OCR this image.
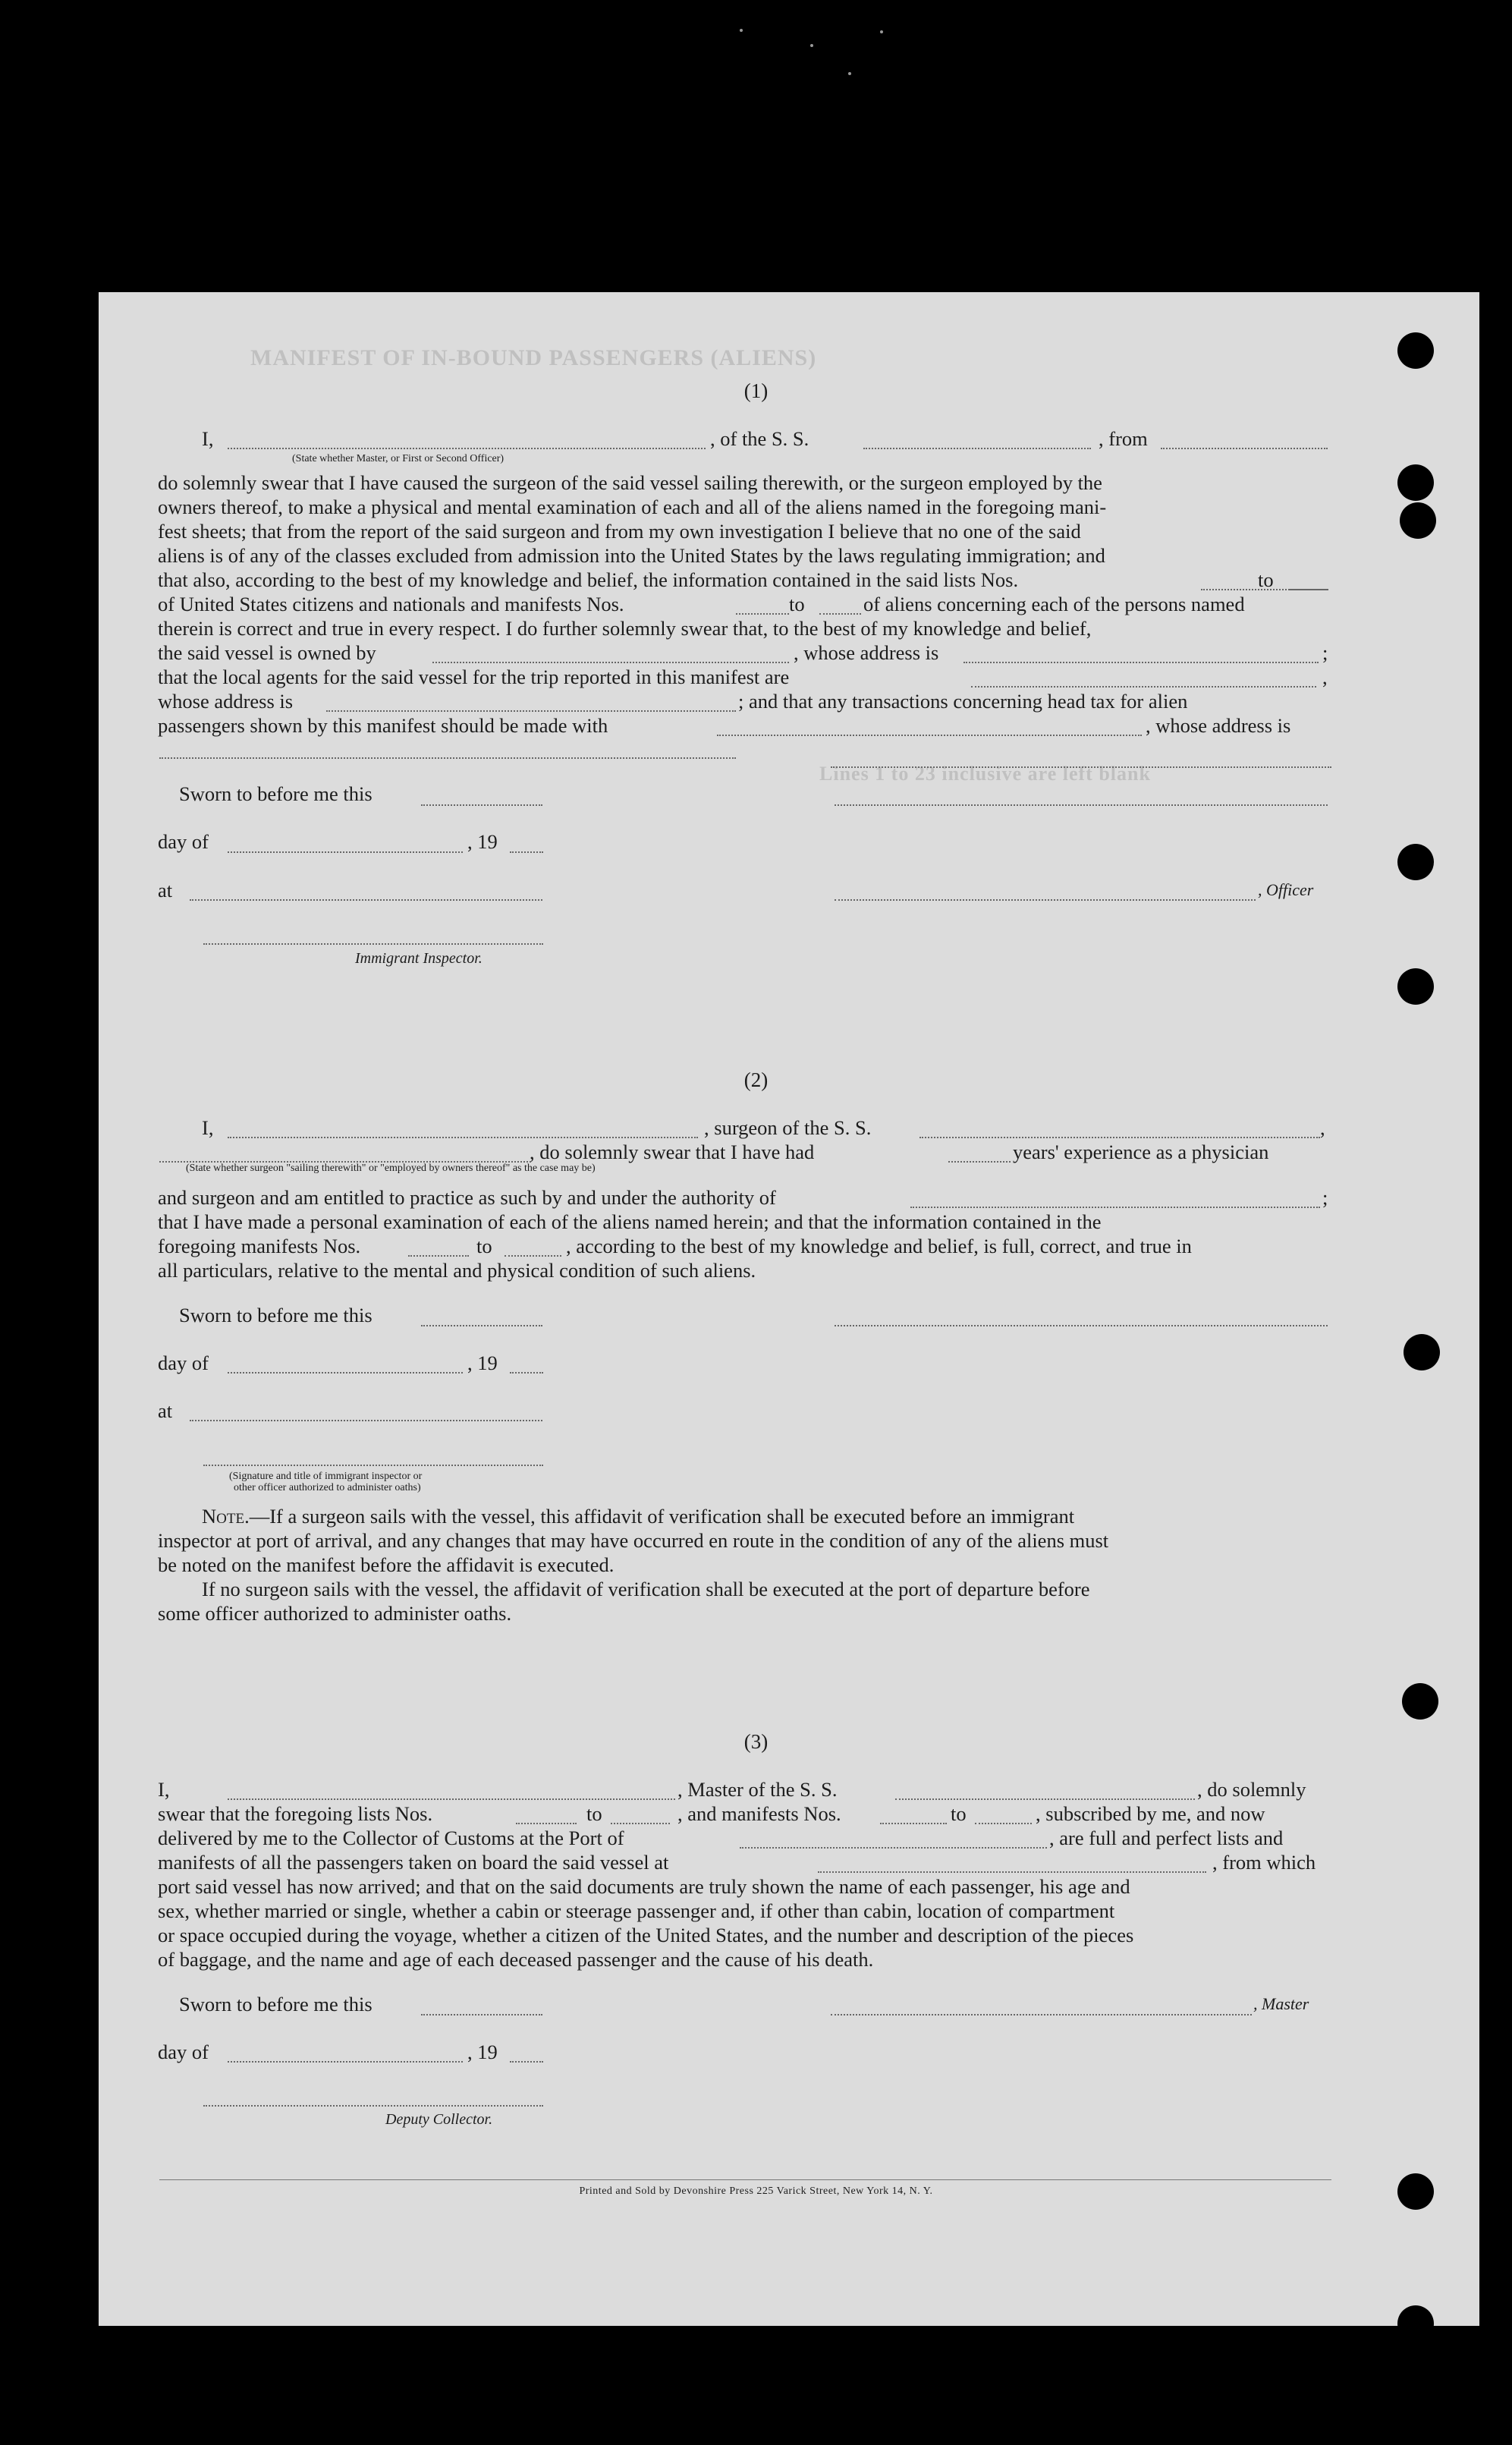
MANIFEST OF IN-BOUND PASSENGERS (ALIENS)
Lines 1 to 23 inclusive are left blank
(1)
I,	, of the S. S.	, from
(State whether Master, or First or Second Officer)
do solemnly swear that I have caused the surgeon of the said vessel sailing therewith, or the surgeon employed by the
owners thereof, to make a physical and mental examination of each and all of the aliens named in the foregoing mani-
fest sheets; that from the report of the said surgeon and from my own investigation I believe that no one of the said
aliens is of any of the classes excluded from admission into the United States by the laws regulating immigration; and
that also, according to the best of my knowledge and belief, the information contained in the said lists Nos.	to
of United States citizens and nationals and manifests Nos.	to	of aliens concerning each of the persons named
therein is correct and true in every respect. I do further solemnly swear that, to the best of my knowledge and belief,
the said vessel is owned by	, whose address is	;
that the local agents for the said vessel for the trip reported in this manifest are	,
whose address is	; and that any transactions concerning head tax for alien
passengers shown by this manifest should be made with	, whose address is
Sworn to before me this
day of	, 19
at	, Officer
Immigrant Inspector.
(2)
I,	, surgeon of the S. S.	,
, do solemnly swear that I have had	years' experience as a physician
(State whether surgeon "sailing therewith" or "employed by owners thereof" as the case may be)
and surgeon and am entitled to practice as such by and under the authority of	;
that I have made a personal examination of each of the aliens named herein; and that the information contained in the
foregoing manifests Nos.	to	, according to the best of my knowledge and belief, is full, correct, and true in
all particulars, relative to the mental and physical condition of such aliens.
Sworn to before me this
day of	, 19
at
(Signature and title of immigrant inspector or
other officer authorized to administer oaths)
Note.—If a surgeon sails with the vessel, this affidavit of verification shall be executed before an immigrant
inspector at port of arrival, and any changes that may have occurred en route in the condition of any of the aliens must
be noted on the manifest before the affidavit is executed.
If no surgeon sails with the vessel, the affidavit of verification shall be executed at the port of departure before
some officer authorized to administer oaths.
(3)
I,	, Master of the S. S.	, do solemnly
swear that the foregoing lists Nos.	to	, and manifests Nos.	to	, subscribed by me, and now
delivered by me to the Collector of Customs at the Port of	, are full and perfect lists and
manifests of all the passengers taken on board the said vessel at	, from which
port said vessel has now arrived; and that on the said documents are truly shown the name of each passenger, his age and
sex, whether married or single, whether a cabin or steerage passenger and, if other than cabin, location of compartment
or space occupied during the voyage, whether a citizen of the United States, and the number and description of the pieces
of baggage, and the name and age of each deceased passenger and the cause of his death.
Sworn to before me this	, Master
day of	, 19
Deputy Collector.
Printed and Sold by Devonshire Press 225 Varick Street, New York 14, N. Y.
